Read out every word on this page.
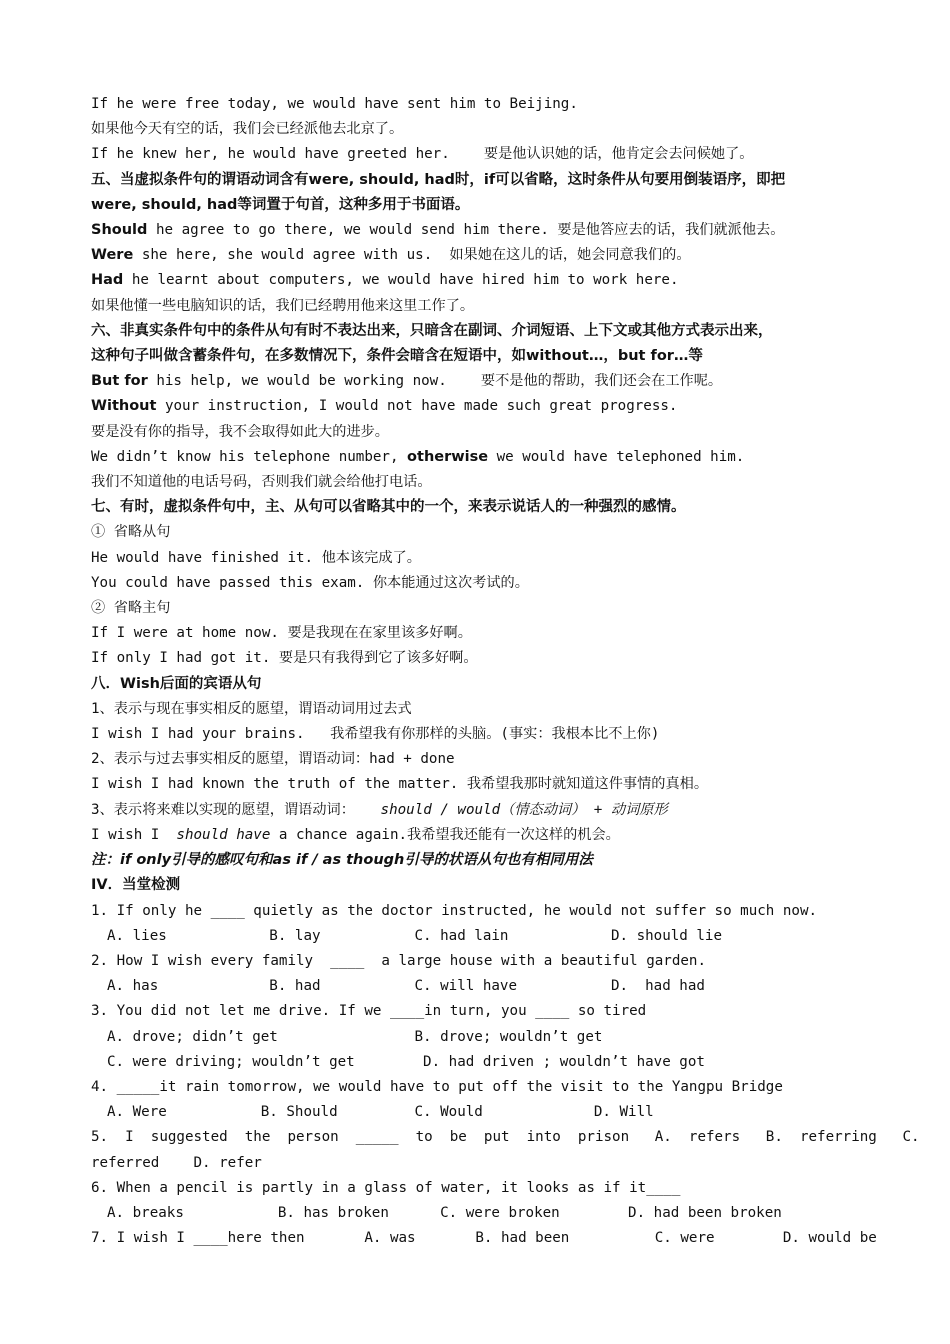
If he were free today, we would have sent him to Beijing.
如果他今天有空的话，我们会已经派他去北京了。
If he knew her, he would have greeted her.    要是他认识她的话，他肯定会去问候她了。
五、当虚拟条件句的谓语动词含有were, should, had时，if可以省略，这时条件从句要用倒装语序，即把
were, should, had等词置于句首，这种多用于书面语。
Should he agree to go there, we would send him there. 要是他答应去的话，我们就派他去。
Were she here, she would agree with us.  如果她在这儿的话，她会同意我们的。
Had he learnt about computers, we would have hired him to work here.
如果他懂一些电脑知识的话，我们已经聘用他来这里工作了。
六、非真实条件句中的条件从句有时不表达出来，只暗含在副词、介词短语、上下文或其他方式表示出来，
这种句子叫做含蓄条件句，在多数情况下，条件会暗含在短语中，如without…，but for…等
But for his help, we would be working now.    要不是他的帮助，我们还会在工作呢。
Without your instruction, I would not have made such great progress.
要是没有你的指导，我不会取得如此大的进步。
We didn’t know his telephone number, otherwise we would have telephoned him.
我们不知道他的电话号码，否则我们就会给他打电话。
七、有时，虚拟条件句中，主、从句可以省略其中的一个，来表示说话人的一种强烈的感情。
① 省略从句
He would have finished it. 他本该完成了。
You could have passed this exam. 你本能通过这次考试的。
② 省略主句
If I were at home now. 要是我现在在家里该多好啊。
If only I had got it. 要是只有我得到它了该多好啊。
八．Wish后面的宾语从句
1、表示与现在事实相反的愿望，谓语动词用过去式
I wish I had your brains.   我希望我有你那样的头脑。(事实：我根本比不上你)
2、表示与过去事实相反的愿望，谓语动词：had + done
I wish I had known the truth of the matter. 我希望我那时就知道这件事情的真相。
3、表示将来难以实现的愿望，谓语动词：   should / would（情态动词） + 动词原形
I wish I  should have a chance again.我希望我还能有一次这样的机会。
注：if only引导的感叹句和as if / as though引导的状语从句也有相同用法
IV．当堂检测
1. If only he ____ quietly as the doctor instructed, he would not suffer so much now.
A. lies            B. lay           C. had lain            D. should lie
2. How I wish every family  ____  a large house with a beautiful garden.
A. has             B. had           C. will have           D.  had had
3. You did not let me drive. If we ____in turn, you ____ so tired
A. drove; didn’t get                B. drove; wouldn’t get
C. were driving; wouldn’t get        D. had driven ; wouldn’t have got
4. _____it rain tomorrow, we would have to put off the visit to the Yangpu Bridge
A. Were           B. Should         C. Would             D. Will
5.  I  suggested  the  person  _____  to  be  put  into  prison   A.  refers   B.  referring   C.
referred    D. refer
6. When a pencil is partly in a glass of water, it looks as if it____
A. breaks           B. has broken      C. were broken        D. had been broken
7. I wish I ____here then       A. was       B. had been          C. were        D. would be
